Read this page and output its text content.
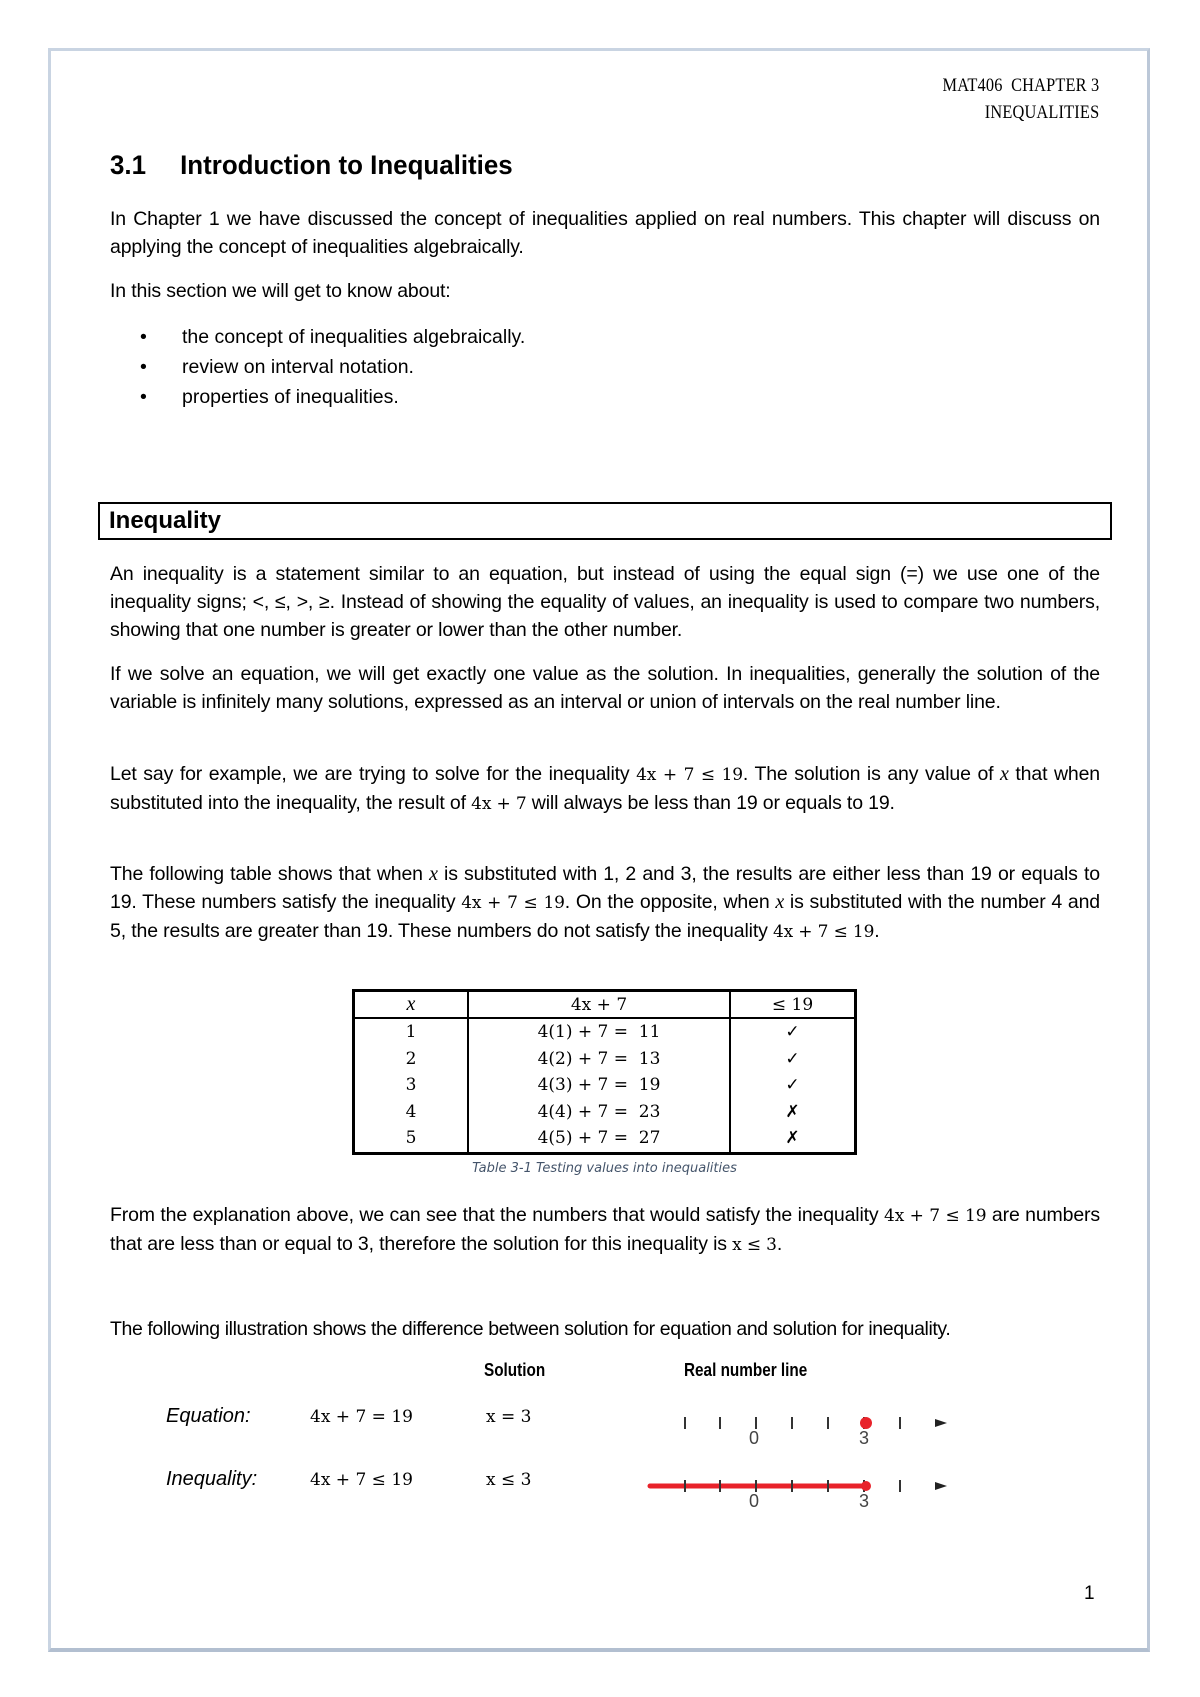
MAT406  CHAPTER 3
INEQUALITIES
3.1 Introduction to Inequalities
In Chapter 1 we have discussed the concept of inequalities applied on real numbers. This chapter will discuss on applying the concept of inequalities algebraically.
In this section we will get to know about:
• the concept of inequalities algebraically.
• review on interval notation.
• properties of inequalities.
Inequality
An inequality is a statement similar to an equation, but instead of using the equal sign (=) we use one of the inequality signs; <, ≤, >, ≥. Instead of showing the equality of values, an inequality is used to compare two numbers, showing that one number is greater or lower than the other number.
If we solve an equation, we will get exactly one value as the solution. In inequalities, generally the solution of the variable is infinitely many solutions, expressed as an interval or union of intervals on the real number line.
Let say for example, we are trying to solve for the inequality 4x + 7 ≤ 19. The solution is any value of x that when substituted into the inequality, the result of 4x + 7 will always be less than 19 or equals to 19.
The following table shows that when x is substituted with 1, 2 and 3, the results are either less than 19 or equals to 19. These numbers satisfy the inequality 4x + 7 ≤ 19. On the opposite, when x is substituted with the number 4 and 5, the results are greater than 19. These numbers do not satisfy the inequality 4x + 7 ≤ 19.
x	4x + 7	≤ 19
1	4(1) + 7 =  11	✓
2	4(2) + 7 =  13	✓
3	4(3) + 7 =  19	✓
4	4(4) + 7 =  23	✗
5	4(5) + 7 =  27	✗
Table 3-1 Testing values into inequalities
From the explanation above, we can see that the numbers that would satisfy the inequality 4x + 7 ≤ 19 are numbers that are less than or equal to 3, therefore the solution for this inequality is x ≤ 3.
The following illustration shows the difference between solution for equation and solution for inequality.
Solution	Real number line
Equation:	4x + 7 = 19	x = 3
Inequality:	4x + 7 ≤ 19	x ≤ 3
0	3
0	3
1
